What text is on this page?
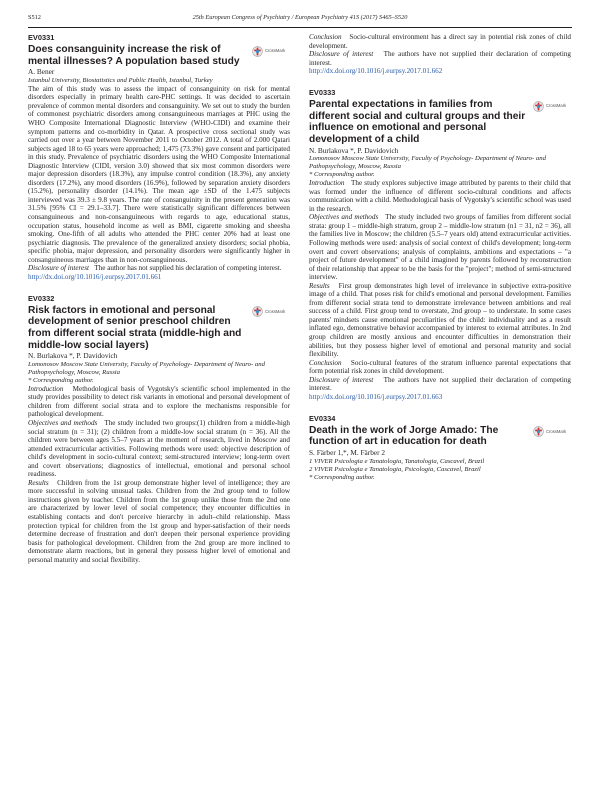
S512	25th European Congress of Psychiatry / European Psychiatry 41S (2017) S465–S520
EV0331
Does consanguinity increase the risk of mental illnesses? A population based study
CrossMark
A. Bener
Istanbul University, Biostatistics and Public Health, Istanbul, Turkey

The aim of this study was to assess the impact of consanguinity on risk for mental disorders especially in primary health care-PHC settings. It was decided to ascertain prevalence of common mental disorders and consanguinity. We set out to study the burden of commonest psychiatric disorders among consanguineous marriages at PHC using the WHO Composite International Diagnostic Interview (WHO-CIDI) and examine their symptom patterns and co-morbidity in Qatar. A prospective cross sectional study was carried out over a year between November 2011 to October 2012. A total of 2.000 Qatari subjects aged 18 to 65 years were approached; 1,475 (73.3%) gave consent and participated in this study. Prevalence of psychiatric disorders using the WHO Composite International Diagnostic Interview (CIDI, version 3.0) showed that six most common disorders were major depression disorders (18.3%), any impulse control condition (18.3%), any anxiety disorders (17.2%), any mood disorders (16.9%), followed by separation anxiety disorders (15.2%), personality disorder (14.1%). The mean age ±SD of the 1.475 subjects interviewed was 39.3 ± 9.8 years. The rate of consanguinity in the present generation was 31.5% [95% CI = 29.1–33.7]. There were statistically significant differences between consanguineous and non-consanguineous with regards to age, educational status, occupation status, household income as well as BMI, cigarette smoking and sheesha smoking. One-fifth of all adults who attended the PHC center 20% had at least one psychiatric diagnosis. The prevalence of the generalized anxiety disorders; social phobia, specific phobia, major depression, and personality disorders were significantly higher in consanguineous marriages than in non-consanguineous.

Disclosure of interest The author has not supplied his declaration of competing interest.

http://dx.doi.org/10.1016/j.eurpsy.2017.01.661
EV0332
Risk factors in emotional and personal development of senior preschool children from different social strata (middle-high and middle-low social layers)
CrossMark
N. Burlakova *, P. Davidovich
Lomonosov Moscow State University, Faculty of Psychology- Department of Neuro- and Pathopsychology, Moscow, Russia
* Corresponding author.

Introduction Methodological basis of Vygotsky's scientific school implemented in the study provides possibility to detect risk variants in emotional and personal development of children from different social strata and to explore the mechanisms responsible for pathological development.

Objectives and methods The study included two groups:(1) children from a middle-high social stratum (n = 31); (2) children from a middle-low social stratum (n = 36). All the children were between ages 5.5–7 years at the moment of research, lived in Moscow and attended extracurricular activities. Following methods were used: objective description of child's development in socio-cultural context; semi-structured interview; long-term overt and covert observations; diagnostics of intellectual, emotional and personal school readiness.

Results Children from the 1st group demonstrate higher level of intelligence; they are more successful in solving unusual tasks. Children from the 2nd group tend to follow instructions given by teacher. Children from the 1st group unlike those from the 2nd one are characterized by lower level of social competence; they encounter difficulties in establishing contacts and don't perceive hierarchy in adult–child relationship. Mass protection typical for children from the 1st group and hyper-satisfaction of their needs determine decrease of frustration and don't deepen their personal experience providing basis for pathological development. Children from the 2nd group are more inclined to demonstrate alarm reactions, but in general they possess higher level of emotional and personal maturity and social flexibility.

Conclusion Socio-cultural environment has a direct say in potential risk zones of child development.

Disclosure of interest The authors have not supplied their declaration of competing interest.

http://dx.doi.org/10.1016/j.eurpsy.2017.01.662
EV0333
Parental expectations in families from different social and cultural groups and their influence on emotional and personal development of a child
CrossMark
N. Burlakova *, P. Davidovich
Lomonosov Moscow State University, Faculty of Psychology- Department of Neuro- and Pathopsychology, Moscow, Russia
* Corresponding author.

Introduction The study explores subjective image attributed by parents to their child that was formed under the influence of different socio-cultural conditions and affects communication with a child. Methodological basis of Vygotsky's scientific school was used in the research.

Objectives and methods The study included two groups of families from different social strata: group 1 – middle-high stratum, group 2 – middle-low stratum (n1 = 31, n2 = 36), all the families live in Moscow; the children (5.5–7 years old) attend extracurricular activities. Following methods were used: analysis of social context of child's development; long-term overt and covert observations; analysis of complaints, ambitions and expectations – "a project of future development" of a child imagined by parents followed by reconstruction of their relationship that appear to be the basis for the "project"; method of semi-structured interview.

Results First group demonstrates high level of irrelevance in subjective extra-positive image of a child. That poses risk for child's emotional and personal development. Families from different social strata tend to demonstrate irrelevance between ambitions and real success of a child. First group tend to overstate, 2nd group – to understate. In some cases parents' mindsets cause emotional peculiarities of the child: individuality and as a result inflated ego, demonstrative behavior accompanied by interest to external attributes. In 2nd group children are mostly anxious and encounter difficulties in demonstration their abilities, but they possess higher level of emotional and personal maturity and social flexibility.

Conclusion Socio-cultural features of the stratum influence parental expectations that form potential risk zones in child development.

Disclosure of interest The authors have not supplied their declaration of competing interest.

http://dx.doi.org/10.1016/j.eurpsy.2017.01.663
EV0334
Death in the work of Jorge Amado: The function of art in education for death
CrossMark
S. Färber 1,*, M. Färber 2
1 VIVER Psicologia e Tanatologia, Tanatologia, Cascavel, Brazil
2 VIVER Psicologia e Tanatologia, Psicologia, Cascavel, Brazil
* Corresponding author.
